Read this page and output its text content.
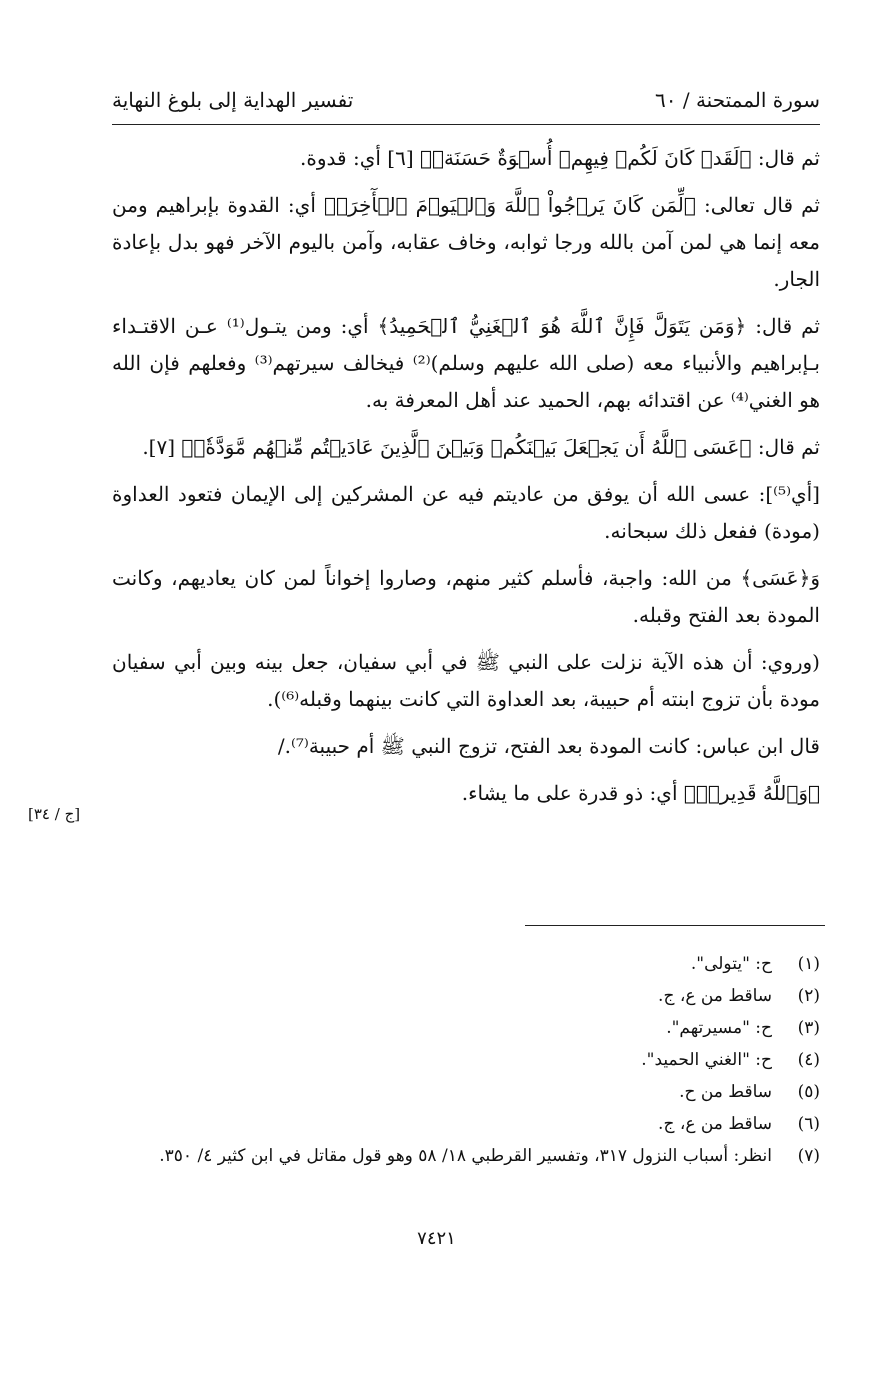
تفسير الهداية إلى بلوغ النهاية	سورة الممتحنة / ٦٠

ثم قال: ﴿لَقَدۡ كَانَ لَكُمۡ فِيهِمۡ أُسۡوَةٌ حَسَنَةٞ﴾ [٦] أي: قدوة.

ثم قال تعالى: ﴿لِّمَن كَانَ يَرۡجُواْ ٱللَّهَ وَٱلۡيَوۡمَ ٱلۡأٓخِرَۚ﴾ أي: القدوة بإبراهيم ومن معه إنما هي لمن آمن بالله ورجا ثوابه، وخاف عقابه، وآمن باليوم الآخر فهو بدل بإعادة الجار.

ثم قال: ﴿وَمَن يَتَوَلَّ فَإِنَّ ٱللَّهَ هُوَ ٱلۡغَنِيُّ ٱلۡحَمِيدُ﴾ أي: ومن يتـول⁽¹⁾ عـن الاقتـداء بـإبراهيم والأنبياء معه (صلى الله عليهم وسلم)⁽²⁾ فيخالف سيرتهم⁽³⁾ وفعلهم فإن الله هو الغني⁽⁴⁾ عن اقتدائه بهم، الحميد عند أهل المعرفة به.

ثم قال: ﴿عَسَى ٱللَّهُ أَن يَجۡعَلَ بَيۡنَكُمۡ وَبَيۡنَ ٱلَّذِينَ عَادَيۡتُم مِّنۡهُم مَّوَدَّةٗۚ﴾ [٧].

[أي⁽⁵⁾]: عسى الله أن يوفق من عاديتم فيه عن المشركين إلى الإيمان فتعود العداوة (مودة) ففعل ذلك سبحانه.

وَ﴿عَسَى﴾ من الله: واجبة، فأسلم كثير منهم، وصاروا إخواناً لمن كان يعاديهم، وكانت المودة بعد الفتح وقبله.

(وروي: أن هذه الآية نزلت على النبي ﷺ في أبي سفيان، جعل بينه وبين أبي سفيان مودة بأن تزوج ابنته أم حبيبة، بعد العداوة التي كانت بينهما وقبله⁽⁶⁾).

قال ابن عباس: كانت المودة بعد الفتح، تزوج النبي ﷺ أم حبيبة⁽⁷⁾./

﴿وَٱللَّهُ قَدِيرٞۚ﴾ أي: ذو قدرة على ما يشاء.

[ج / ٣٤]
(١)
ح: "يتولى".
(٢)
ساقط من ع، ج.
(٣)
ح: "مسيرتهم".
(٤)
ح: "الغني الحميد".
(٥)
ساقط من ح.
(٦)
ساقط من ع، ج.
(٧)
انظر: أسباب النزول ٣١٧، وتفسير القرطبي ١٨/ ٥٨ وهو قول مقاتل في ابن كثير ٤/ ٣٥٠.
٧٤٢١
